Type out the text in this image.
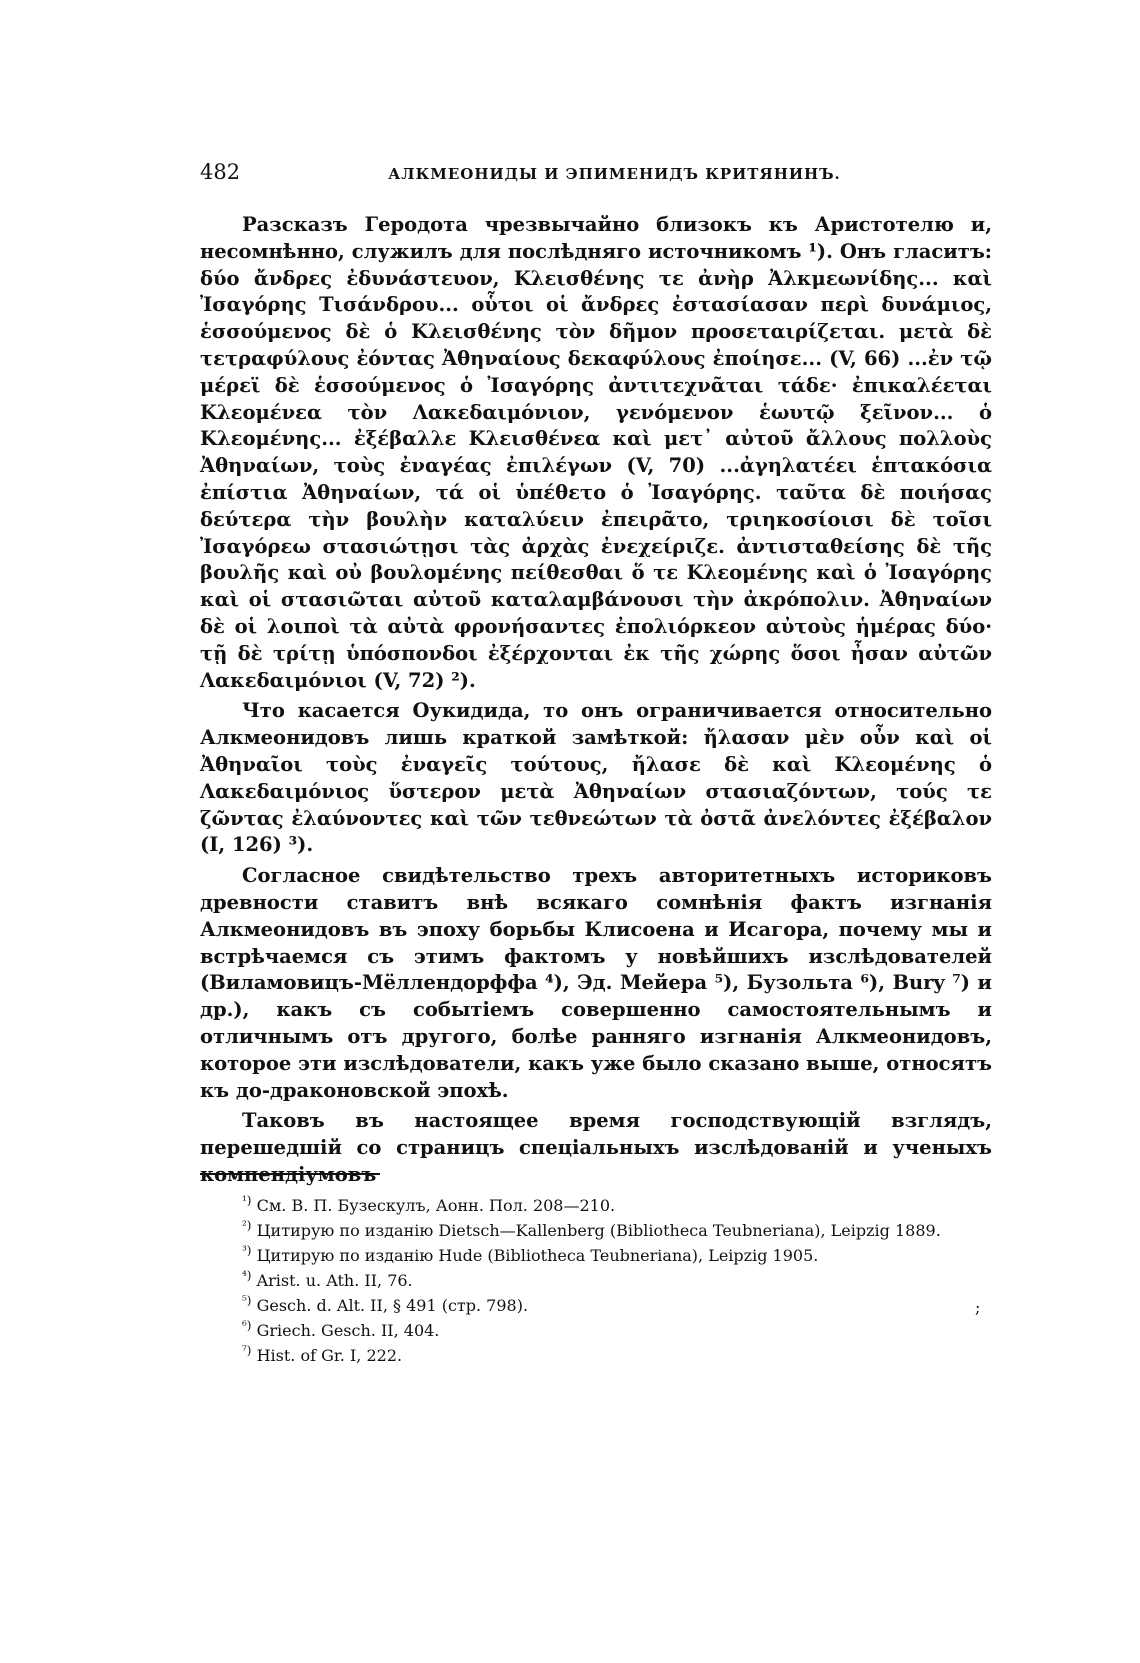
482	АЛКМЕОНИДЫ И ЭПИМЕНИДЪ КРИТЯНИНЪ.

Разсказъ Геродота чрезвычайно близокъ къ Аристотелю и, несомнѣнно, служилъ для послѣдняго источникомъ ¹). Онъ гласитъ: δύο ἄνδρες ἐδυνάστευον, Κλεισθένης τε ἀνὴρ Ἀλκμεωνίδης... καὶ Ἰσαγόρης Τισάνδρου... οὗτοι οἱ ἄνδρες ἐστασίασαν περὶ δυνάμιος, ἑσσούμενος δὲ ὁ Κλεισθένης τὸν δῆμον προσεταιρίζεται. μετὰ δὲ τετραφύλους ἐόντας Ἀθηναίους δεκαφύλους ἐποίησε... (V, 66) ...ἐν τῷ μέρεϊ δὲ ἑσσούμενος ὁ Ἰσαγόρης ἀντιτεχνᾶται τάδε· ἐπικαλέεται Κλεομένεα τὸν Λακεδαιμόνιον, γενόμενον ἑωυτῷ ξεῖνον... ὁ Κλεομένης... ἐξέβαλλε Κλεισθένεα καὶ μετ᾽ αὐτοῦ ἄλλους πολλοὺς Ἀθηναίων, τοὺς ἐναγέας ἐπιλέγων (V, 70) ...ἀγηλατέει ἑπτακόσια ἐπίστια Ἀθηναίων, τά οἱ ὑπέθετο ὁ Ἰσαγόρης. ταῦτα δὲ ποιήσας δεύτερα τὴν βουλὴν καταλύειν ἐπειρᾶτο, τριηκοσίοισι δὲ τοῖσι Ἰσαγόρεω στασιώτῃσι τὰς ἀρχὰς ἐνεχείριζε. ἀντισταθείσης δὲ τῆς βουλῆς καὶ οὐ βουλομένης πείθεσθαι ὅ τε Κλεομένης καὶ ὁ Ἰσαγόρης καὶ οἱ στασιῶται αὐτοῦ καταλαμβάνουσι τὴν ἀκρόπολιν. Ἀθηναίων δὲ οἱ λοιποὶ τὰ αὐτὰ φρονήσαντες ἐπολιόρκεον αὐτοὺς ἡμέρας δύο· τῇ δὲ τρίτῃ ὑπόσπονδοι ἐξέρχονται ἐκ τῆς χώρης ὅσοι ἦσαν αὐτῶν Λακεδαιμόνιοι (V, 72) ²).

Что касается Оукидида, то онъ ограничивается относительно Алкмеонидовъ лишь краткой замѣткой: ἤλασαν μὲν οὖν καὶ οἱ Ἀθηναῖοι τοὺς ἐναγεῖς τούτους, ἤλασε δὲ καὶ Κλεομένης ὁ Λακεδαιμόνιος ὕστερον μετὰ Ἀθηναίων στασιαζόντων, τούς τε ζῶντας ἐλαύνοντες καὶ τῶν τεθνεώτων τὰ ὀστᾶ ἀνελόντες ἐξέβαλον (I, 126) ³).

Согласное свидѣтельство трехъ авторитетныхъ историковъ древности ставитъ внѣ всякаго сомнѣнія фактъ изгнанія Алкмеонидовъ въ эпоху борьбы Клисоена и Исагора, почему мы и встрѣчаемся съ этимъ фактомъ у новѣйшихъ изслѣдователей (Виламовицъ-Мёллендорффа ⁴), Эд. Мейера ⁵), Бузольта ⁶), Bury ⁷) и др.), какъ съ событіемъ совершенно самостоятельнымъ и отличнымъ отъ другого, болѣе ранняго изгнанія Алкмеонидовъ, которое эти изслѣдователи, какъ уже было сказано выше, относятъ къ до-драконовской эпохѣ.

Таковъ въ настоящее время господствующій взглядъ, перешедшій со страницъ спеціальныхъ изслѣдованій и ученыхъ компендіумовъ

$^{^1)}$ См. В. П. Бузескулъ, Аонн. Пол. 208—210.

$^{^2)}$ Цитирую по изданію Dietsch—Kallenberg (Bibliotheca Teubneriana), Leipzig 1889.

$^{^3)}$ Цитирую по изданію Hude (Bibliotheca Teubneriana), Leipzig 1905.

$^{^4)}$ Arist. u. Ath. II, 76.

$^{^5)}$ Gesch. d. Alt. II, § 491 (стр. 798).

$^{^6)}$ Griech. Gesch. II, 404.

$^{^7)}$ Hist. of Gr. I, 222.

;
